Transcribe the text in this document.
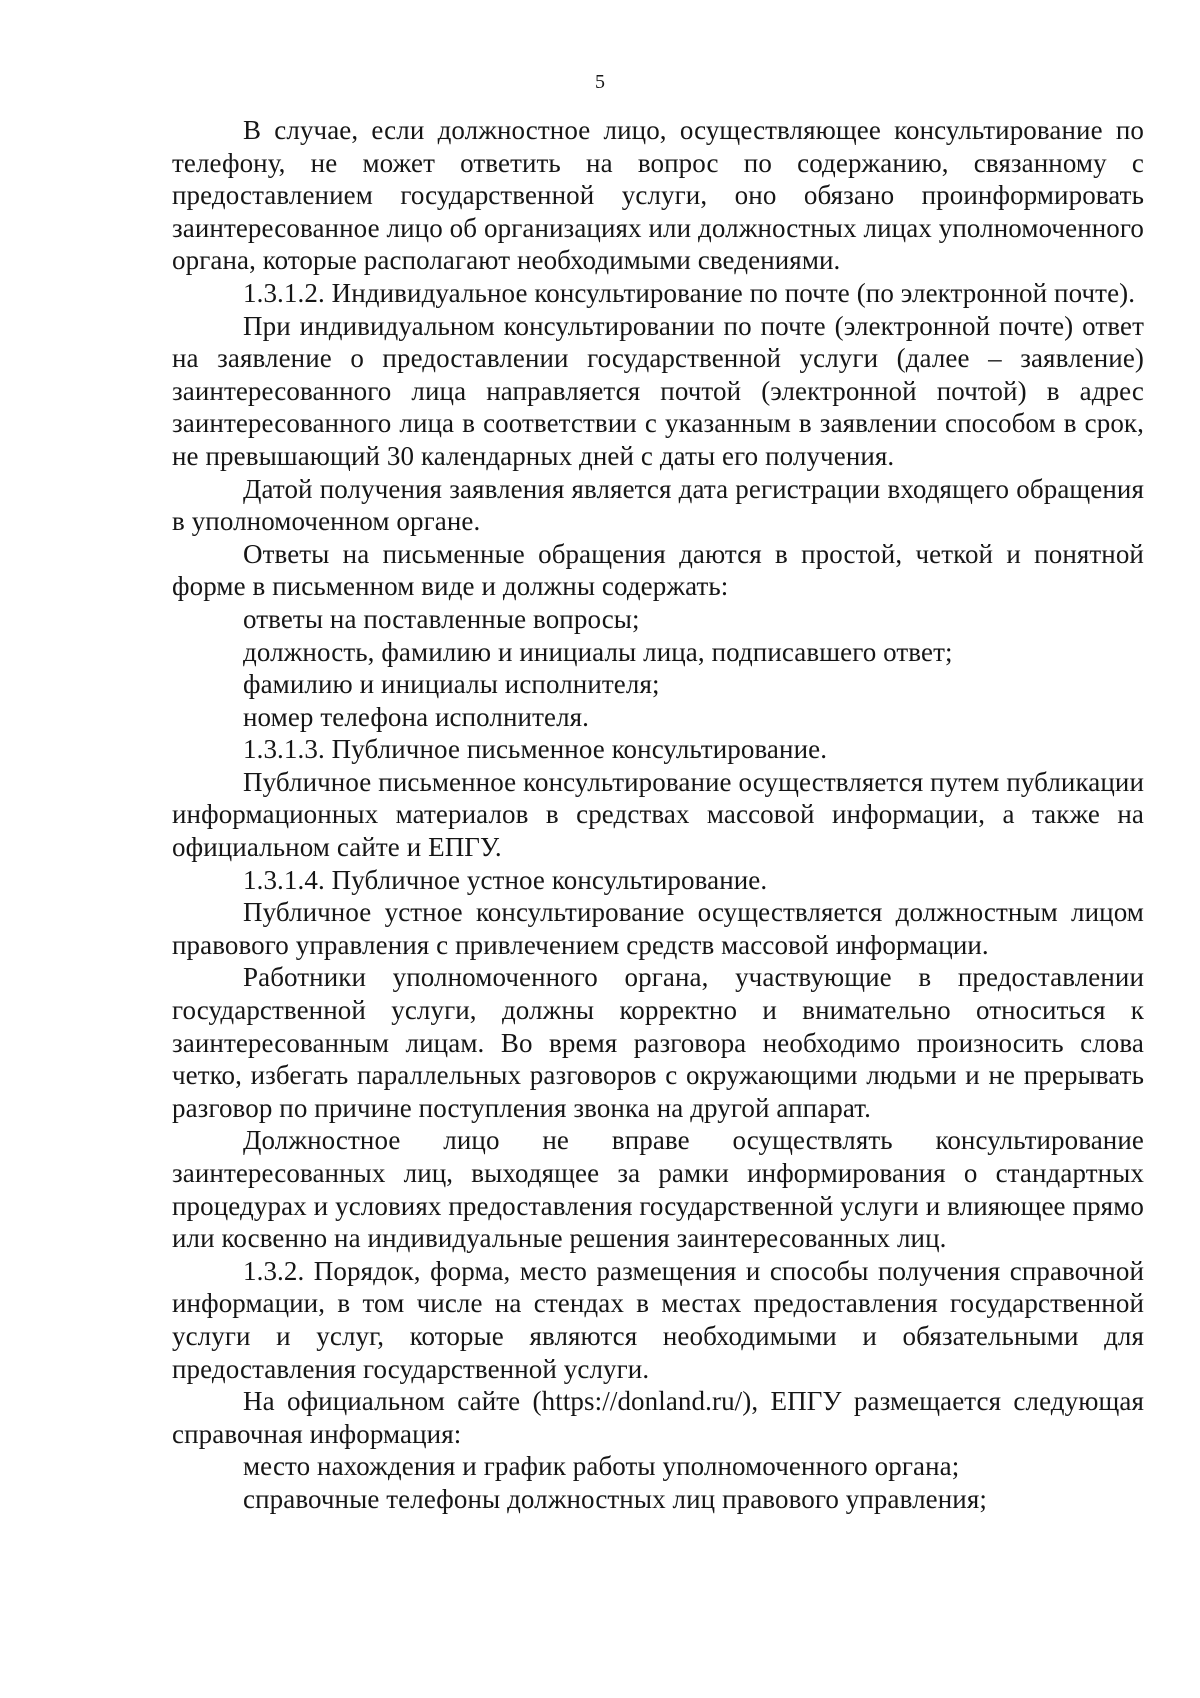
5

В случае, если должностное лицо, осуществляющее консультирование по телефону, не может ответить на вопрос по содержанию, связанному с предоставлением государственной услуги, оно обязано проинформировать заинтересованное лицо об организациях или должностных лицах уполномоченного органа, которые располагают необходимыми сведениями.

1.3.1.2. Индивидуальное консультирование по почте (по электронной почте).

При индивидуальном консультировании по почте (электронной почте) ответ на заявление о предоставлении государственной услуги (далее – заявление) заинтересованного лица направляется почтой (электронной почтой) в адрес заинтересованного лица в соответствии с указанным в заявлении способом в срок, не превышающий 30 календарных дней с даты его получения.

Датой получения заявления является дата регистрации входящего обращения в уполномоченном органе.

Ответы на письменные обращения даются в простой, четкой и понятной форме в письменном виде и должны содержать:

ответы на поставленные вопросы;

должность, фамилию и инициалы лица, подписавшего ответ;

фамилию и инициалы исполнителя;

номер телефона исполнителя.

1.3.1.3. Публичное письменное консультирование.

Публичное письменное консультирование осуществляется путем публикации информационных материалов в средствах массовой информации, а также на официальном сайте и ЕПГУ.

1.3.1.4. Публичное устное консультирование.

Публичное устное консультирование осуществляется должностным лицом правового управления с привлечением средств массовой информации.

Работники уполномоченного органа, участвующие в предоставлении государственной услуги, должны корректно и внимательно относиться к заинтересованным лицам. Во время разговора необходимо произносить слова четко, избегать параллельных разговоров с окружающими людьми и не прерывать разговор по причине поступления звонка на другой аппарат.

Должностное лицо не вправе осуществлять консультирование заинтересованных лиц, выходящее за рамки информирования о стандартных процедурах и условиях предоставления государственной услуги и влияющее прямо или косвенно на индивидуальные решения заинтересованных лиц.

1.3.2. Порядок, форма, место размещения и способы получения справочной информации, в том числе на стендах в местах предоставления государственной услуги и услуг, которые являются необходимыми и обязательными для предоставления государственной услуги.

На официальном сайте (https://donland.ru/), ЕПГУ размещается следующая справочная информация:

место нахождения и график работы уполномоченного органа;

справочные телефоны должностных лиц правового управления;
